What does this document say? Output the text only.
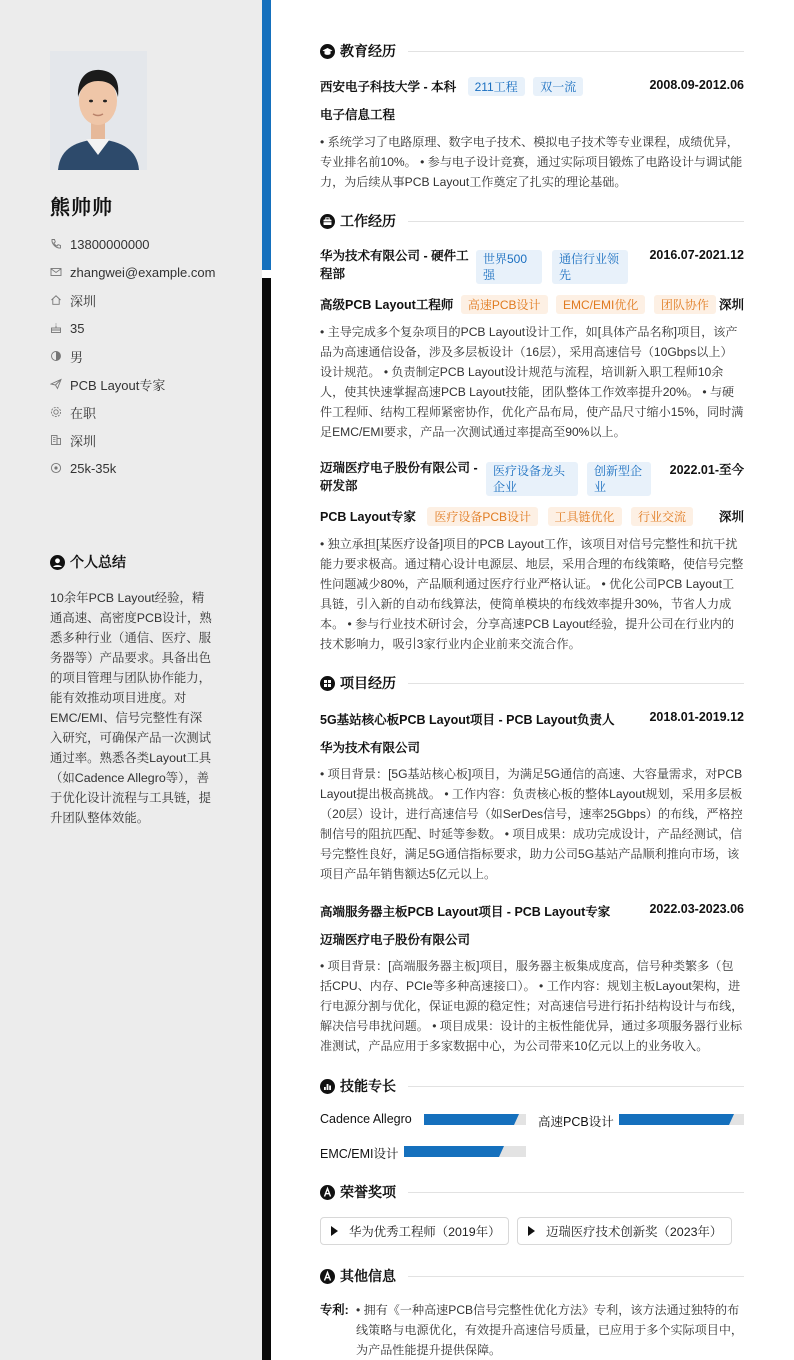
熊帅帅
13800000000
zhangwei@example.com
深圳
35
男
PCB Layout专家
在职
深圳
25k-35k
个人总结
10余年PCB Layout经验，精通高速、高密度PCB设计，熟悉多种行业（通信、医疗、服务器等）产品要求。具备出色的项目管理与团队协作能力，能有效推动项目进度。对EMC/EMI、信号完整性有深入研究，可确保产品一次测试通过率。熟悉各类Layout工具（如Cadence Allegro等），善于优化设计流程与工具链，提升团队整体效能。
教育经历
西安电子科技大学 - 本科 211工程 双一流	2008.09-2012.06
电子信息工程
• 系统学习了电路原理、数字电子技术、模拟电子技术等专业课程，成绩优异，专业排名前10%。 • 参与电子设计竞赛，通过实际项目锻炼了电路设计与调试能力，为后续从事PCB Layout工作奠定了扎实的理论基础。
工作经历
华为技术有限公司 - 硬件工程部
世界500强
通信行业领先
2016.07-2021.12
高级PCB Layout工程师 高速PCB设计 EMC/EMI优化 团队协作 深圳
• 主导完成多个复杂项目的PCB Layout设计工作，如[具体产品名称]项目，该产品为高速通信设备，涉及多层板设计（16层），采用高速信号（10Gbps以上）设计规范。 • 负责制定PCB Layout设计规范与流程，培训新入职工程师10余人，使其快速掌握高速PCB Layout技能，团队整体工作效率提升20%。 • 与硬件工程师、结构工程师紧密协作，优化产品布局，使产品尺寸缩小15%，同时满足EMC/EMI要求，产品一次测试通过率提高至90%以上。
迈瑞医疗电子股份有限公司 - 研发部
医疗设备龙头企业
创新型企业
2022.01-至今
PCB Layout专家 医疗设备PCB设计 工具链优化 行业交流	深圳
• 独立承担[某医疗设备]项目的PCB Layout工作，该项目对信号完整性和抗干扰能力要求极高。通过精心设计电源层、地层，采用合理的布线策略，使信号完整性问题减少80%，产品顺利通过医疗行业严格认证。 • 优化公司PCB Layout工具链，引入新的自动布线算法，使简单模块的布线效率提升30%，节省人力成本。 • 参与行业技术研讨会，分享高速PCB Layout经验，提升公司在行业内的技术影响力，吸引3家行业内企业前来交流合作。
项目经历
5G基站核心板PCB Layout项目 - PCB Layout负责人	2018.01-2019.12
华为技术有限公司
• 项目背景：[5G基站核心板]项目，为满足5G通信的高速、大容量需求，对PCB Layout提出极高挑战。 • 工作内容：负责核心板的整体Layout规划，采用多层板（20层）设计，进行高速信号（如SerDes信号，速率25Gbps）的布线，严格控制信号的阻抗匹配、时延等参数。 • 项目成果：成功完成设计，产品经测试，信号完整性良好，满足5G通信指标要求，助力公司5G基站产品顺利推向市场，该项目产品年销售额达5亿元以上。
高端服务器主板PCB Layout项目 - PCB Layout专家	2022.03-2023.06
迈瑞医疗电子股份有限公司
• 项目背景：[高端服务器主板]项目，服务器主板集成度高，信号种类繁多（包括CPU、内存、PCIe等多种高速接口）。 • 工作内容：规划主板Layout架构，进行电源分割与优化，保证电源的稳定性；对高速信号进行拓扑结构设计与布线，解决信号串扰问题。 • 项目成果：设计的主板性能优异，通过多项服务器行业标准测试，产品应用于多家数据中心，为公司带来10亿元以上的业务收入。
技能专长
Cadence Allegro	高速PCB设计
EMC/EMI设计
荣誉奖项
华为优秀工程师（2019年）	迈瑞医疗技术创新奖（2023年）
其他信息
专利: • 拥有《一种高速PCB信号完整性优化方法》专利，该方法通过独特的布线策略与电源优化，有效提升高速信号质量，已应用于多个实际项目中，为产品性能提升提供保障。
